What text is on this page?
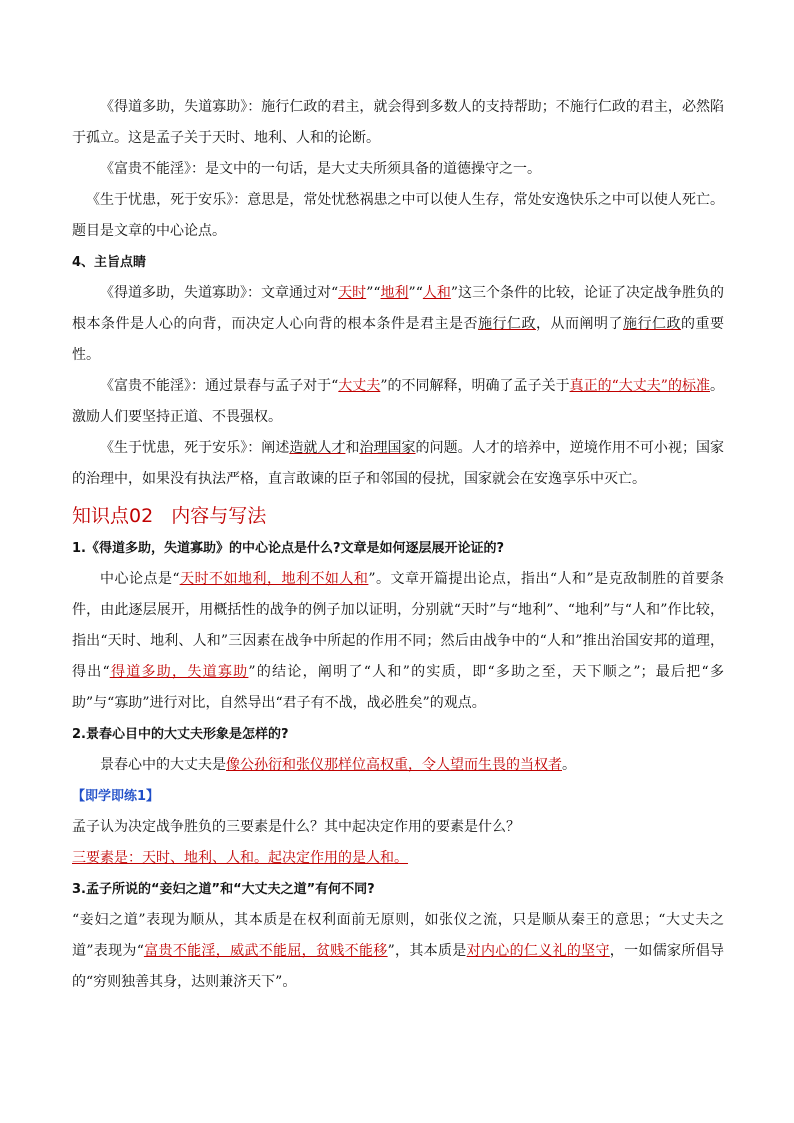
《得道多助，失道寡助》：施行仁政的君主，就会得到多数人的支持帮助；不施行仁政的君主，必然陷于孤立。这是孟子关于天时、地利、人和的论断。

《富贵不能淫》：是文中的一句话，是大丈夫所须具备的道德操守之一。

《生于忧患，死于安乐》：意思是，常处忧愁祸患之中可以使人生存，常处安逸快乐之中可以使人死亡。题目是文章的中心论点。

4、主旨点睛

《得道多助，失道寡助》：文章通过对“天时”“地利”“人和”这三个条件的比较，论证了决定战争胜负的根本条件是人心的向背，而决定人心向背的根本条件是君主是否施行仁政，从而阐明了施行仁政的重要性。

《富贵不能淫》：通过景春与孟子对于“大丈夫”的不同解释，明确了孟子关于真正的“大丈夫”的标准。激励人们要坚持正道、不畏强权。

《生于忧患，死于安乐》：阐述造就人才和治理国家的问题。人才的培养中，逆境作用不可小视；国家的治理中，如果没有执法严格，直言敢谏的臣子和邻国的侵扰，国家就会在安逸享乐中灭亡。

知识点02 内容与写法

1.《得道多助，失道寡助》的中心论点是什么?文章是如何逐层展开论证的?

中心论点是“天时不如地利，地利不如人和”。文章开篇提出论点，指出“人和”是克敌制胜的首要条件，由此逐层展开，用概括性的战争的例子加以证明，分别就“天时”与“地利”、“地利”与“人和”作比较，指出“天时、地利、人和”三因素在战争中所起的作用不同；然后由战争中的“人和”推出治国安邦的道理，得出“得道多助，失道寡助”的结论，阐明了“人和”的实质，即“多助之至，天下顺之”；最后把“多助”与“寡助”进行对比，自然导出“君子有不战，战必胜矣”的观点。

2.景春心目中的大丈夫形象是怎样的?

景春心中的大丈夫是像公孙衍和张仪那样位高权重，令人望而生畏的当权者。

【即学即练1】

孟子认为决定战争胜负的三要素是什么？其中起决定作用的要素是什么？

三要素是：天时、地利、人和。起决定作用的是人和。

3.孟子所说的“妾妇之道”和“大丈夫之道”有何不同?

“妾妇之道”表现为顺从，其本质是在权利面前无原则，如张仪之流，只是顺从秦王的意思；“大丈夫之道”表现为“富贵不能淫，威武不能屈，贫贱不能移”，其本质是对内心的仁义礼的坚守，一如儒家所倡导的“穷则独善其身，达则兼济天下”。
